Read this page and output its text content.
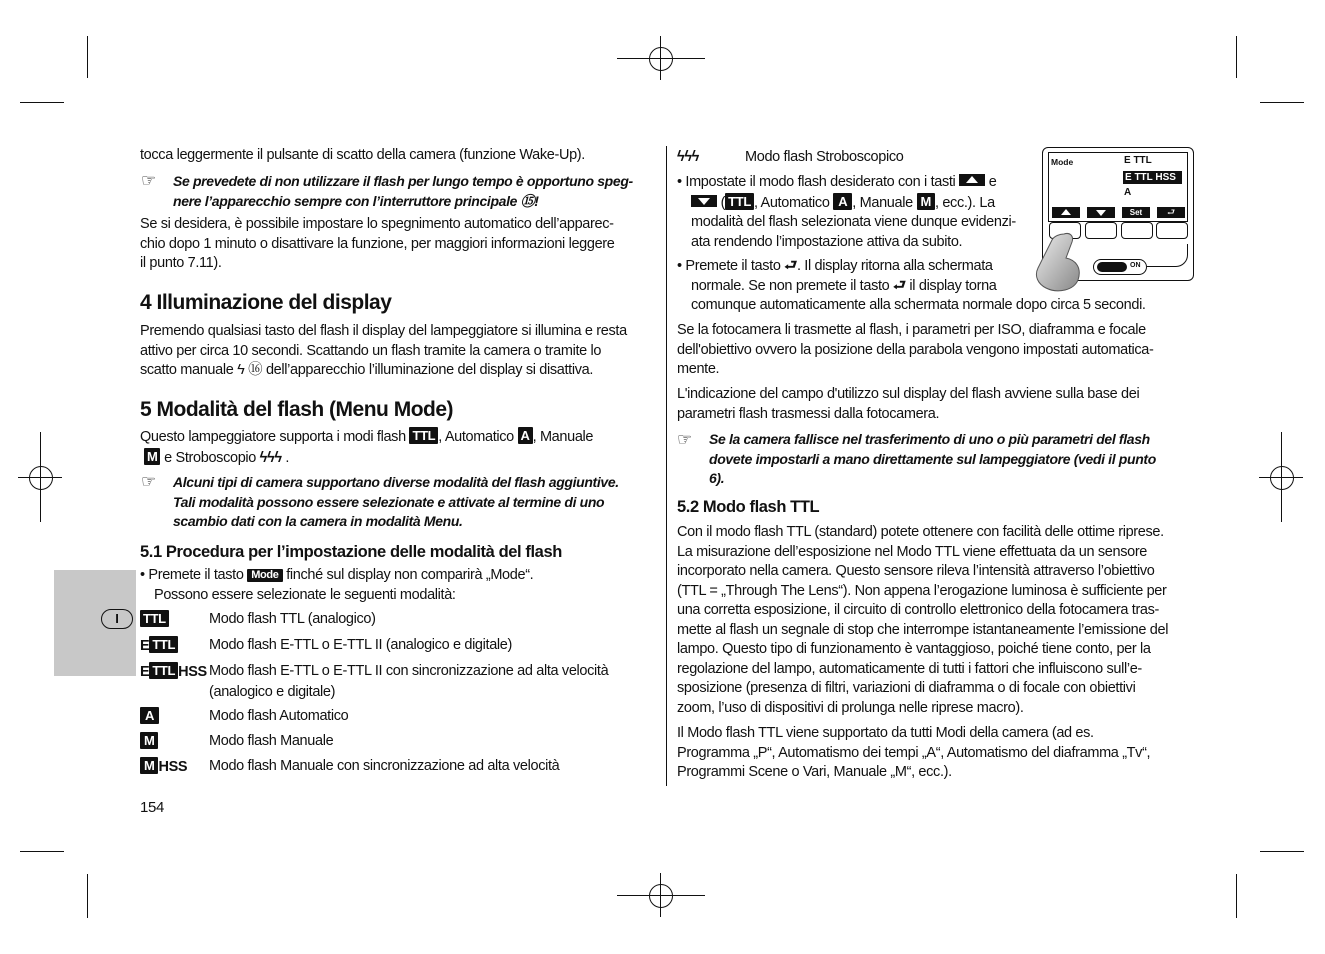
I
tocca leggermente il pulsante di scatto della camera (funzione Wake-Up).
☞ Se prevedete di non utilizzare il flash per lungo tempo è opportuno speg-
nere l’apparecchio sempre con l’interruttore principale ⑮!
Se si desidera, è possibile impostare lo spegnimento automatico dell’apparec-
chio dopo 1 minuto o disattivare la funzione, per maggiori informazioni leggere
il punto 7.11).
4 Illuminazione del display
Premendo qualsiasi tasto del flash il display del lampeggiatore si illumina e resta
attivo per circa 10 secondi. Scattando un flash tramite la camera o tramite lo
scatto manuale ϟ ⑯ dell’apparecchio l’illuminazione del display si disattiva.
5 Modalità del flash (Menu Mode)
Questo lampeggiatore supporta i modi flash TTL , Automatico A , Manuale
M e Stroboscopio ϟϟϟ .
☞ Alcuni tipi di camera supportano diverse modalità del flash aggiuntive.
Tali modalità possono essere selezionate e attivate al termine di uno
scambio dati con la camera in modalità Menu.
5.1 Procedura per l’impostazione delle modalità del flash
• Premete il tasto Mode finché sul display non comparirà „Mode“.
Possono essere selezionate le seguenti modalità:
TTL	Modo flash TTL (analogico)
E TTL Modo flash E-TTL o E-TTL II (analogico e digitale)
E TTL HSS Modo flash E-TTL o E-TTL II con sincronizzazione ad alta velocità
(analogico e digitale)
A	Modo flash Automatico
M	Modo flash Manuale
M HSS Modo flash Manuale con sincronizzazione ad alta velocità
154
ϟϟϟ	Modo flash Stroboscopico
• Impostate il modo flash desiderato con i tasti
e
( TTL , Automatico A , Manuale M , ecc.). La
modalità del flash selezionata viene dunque evidenzi-
ata rendendo l’impostazione attiva da subito.
• Premete il tasto ⮐. Il display ritorna alla schermata
normale. Se non premete il tasto ⮐ il display torna
comunque automaticamente alla schermata normale dopo circa 5 secondi.
Mode	E TTL
E TTL HSS
A
Set	⮐
ON
Se la fotocamera li trasmette al flash, i parametri per ISO, diaframma e focale
dell'obiettivo ovvero la posizione della parabola vengono impostati automatica-
mente.
L'indicazione del campo d'utilizzo sul display del flash avviene sulla base dei
parametri flash trasmessi dalla fotocamera.
☞ Se la camera fallisce nel trasferimento di uno o più parametri del flash
dovete impostarli a mano direttamente sul lampeggiatore (vedi il punto
6).
5.2 Modo flash TTL
Con il modo flash TTL (standard) potete ottenere con facilità delle ottime riprese.
La misurazione dell’esposizione nel Modo TTL viene effettuata da un sensore
incorporato nella camera. Questo sensore rileva l’intensità attraverso l’obiettivo
(TTL = „Through The Lens“). Non appena l’erogazione luminosa è sufficiente per
una corretta esposizione, il circuito di controllo elettronico della fotocamera tras-
mette al flash un segnale di stop che interrompe istantaneamente l’emissione del
lampo. Questo tipo di funzionamento è vantaggioso, poiché tiene conto, per la
regolazione del lampo, automaticamente di tutti i fattori che influiscono sull’e-
sposizione (presenza di filtri, variazioni di diaframma o di focale con obiettivi
zoom, l’uso di dispositivi di prolunga nelle riprese macro).
Il Modo flash TTL viene supportato da tutti Modi della camera (ad es.
Programma „P“, Automatismo dei tempi „A“, Automatismo del diaframma „Tv“,
Programmi Scene o Vari, Manuale „M“, ecc.).
